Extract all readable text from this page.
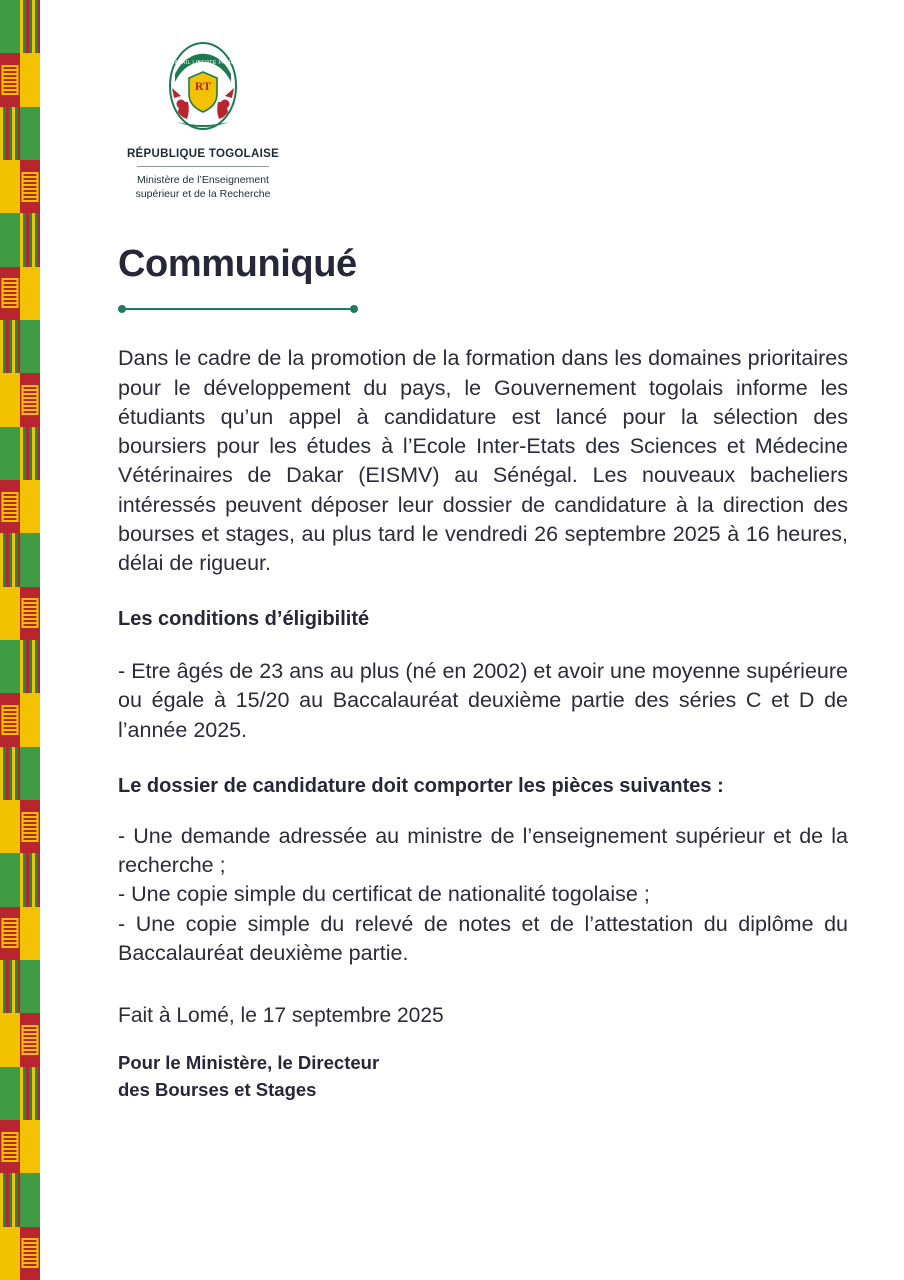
TRAVAIL LIBERTE PATRIE
RT
RÉPUBLIQUE TOGOLAISE
Ministère de l’Enseignement
supérieur et de la Recherche
Communiqué

Dans le cadre de la promotion de la formation dans les domaines prioritaires pour le développement du pays, le Gouvernement togolais informe les étudiants qu’un appel à candidature est lancé pour la sélection des boursiers pour les études à l’Ecole Inter-Etats des Sciences et Médecine Vétérinaires de Dakar (EISMV) au Sénégal. Les nouveaux bacheliers intéressés peuvent déposer leur dossier de candidature à la direction des bourses et stages, au plus tard le vendredi 26 septembre 2025 à 16 heures, délai de rigueur.

Les conditions d’éligibilité

- Etre âgés de 23 ans au plus (né en 2002) et avoir une moyenne supérieure ou égale à 15/20 au Baccalauréat deuxième partie des séries C et D de l’année 2025.

Le dossier de candidature doit comporter les pièces suivantes :
- Une demande adressée au ministre de l’enseignement supérieur et de la recherche ;
- Une copie simple du certificat de nationalité togolaise ;
- Une copie simple du relevé de notes et de l’attestation du diplôme du Baccalauréat deuxième partie.

Fait à Lomé, le 17 septembre 2025

Pour le Ministère, le Directeur
des Bourses et Stages
